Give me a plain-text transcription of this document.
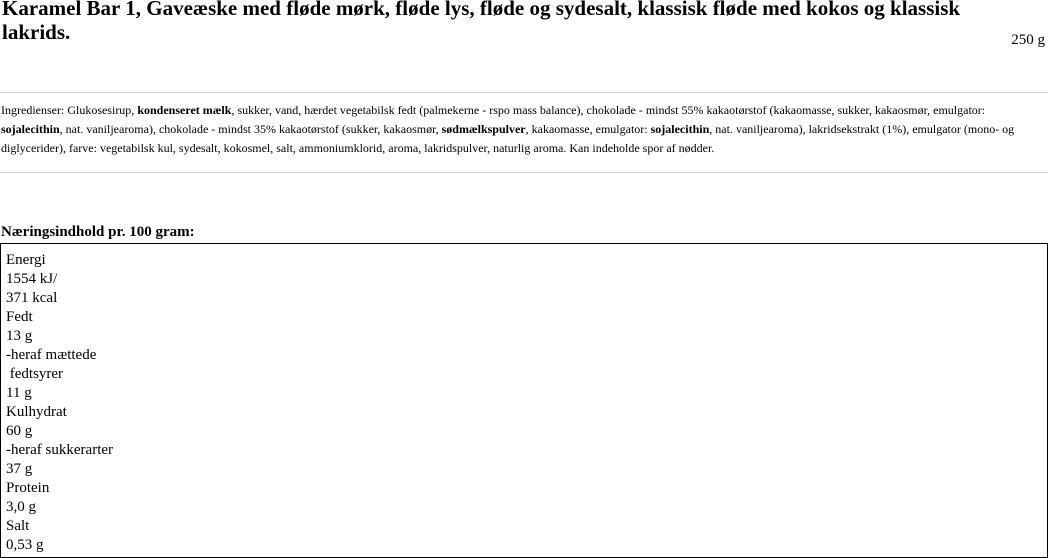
Karamel Bar 1, Gaveæske med fløde mørk, fløde lys, fløde og sydesalt, klassisk fløde med kokos og klassisk lakrids.	250 g

Ingredienser: Glukosesirup, kondenseret mælk, sukker, vand, hærdet vegetabilsk fedt (palmekerne - rspo mass balance), chokolade - mindst 55% kakaotørstof (kakaomasse, sukker, kakaosmør, emulgator: sojalecithin, nat. vaniljearoma), chokolade - mindst 35% kakaotørstof (sukker, kakaosmør, sødmælkspulver, kakaomasse, emulgator: sojalecithin, nat. vaniljearoma), lakridsekstrakt (1%), emulgator (mono- og diglycerider), farve: vegetabilsk kul, sydesalt, kokosmel, salt, ammoniumklorid, aroma, lakridspulver, naturlig aroma. Kan indeholde spor af nødder.

Næringsindhold pr. 100 gram:
Energi
1554 kJ/
371 kcal
Fedt
13 g
-heraf mættede
fedtsyrer
11 g
Kulhydrat
60 g
-heraf sukkerarter
37 g
Protein
3,0 g
Salt
0,53 g
